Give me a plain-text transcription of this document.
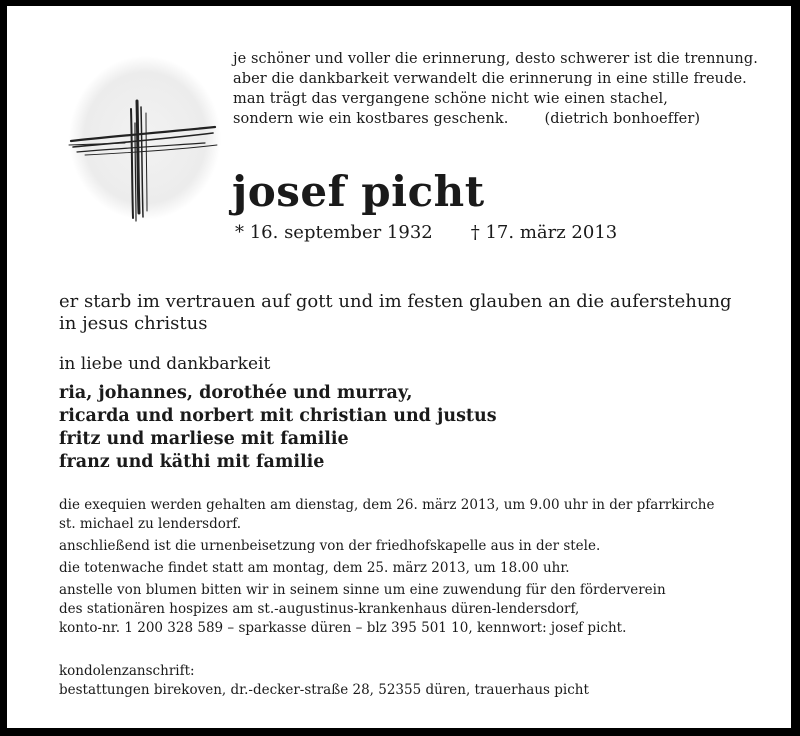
je schöner und voller die erinnerung, desto schwerer ist die trennung.
aber die dankbarkeit verwandelt die erinnerung in eine stille freude.
man trägt das vergangene schöne nicht wie einen stachel,
sondern wie ein kostbares geschenk. (dietrich bonhoeffer)
josef picht
* 16. september 1932 † 17. märz 2013
er starb im vertrauen auf gott und im festen glauben an die auferstehung
in jesus christus
in liebe und dankbarkeit
ria, johannes, dorothée und murray,
ricarda und norbert mit christian und justus
fritz und marliese mit familie
franz und käthi mit familie
die exequien werden gehalten am dienstag, dem 26. märz 2013, um 9.00 uhr in der pfarrkirche
st. michael zu lendersdorf.
anschließend ist die urnenbeisetzung von der friedhofskapelle aus in der stele.
die totenwache findet statt am montag, dem 25. märz 2013, um 18.00 uhr.
anstelle von blumen bitten wir in seinem sinne um eine zuwendung für den förderverein
des stationären hospizes am st.-augustinus-krankenhaus düren-lendersdorf,
konto-nr. 1 200 328 589 – sparkasse düren – blz 395 501 10, kennwort: josef picht.
kondolenzanschrift:
bestattungen birekoven, dr.-decker-straße 28, 52355 düren, trauerhaus picht
